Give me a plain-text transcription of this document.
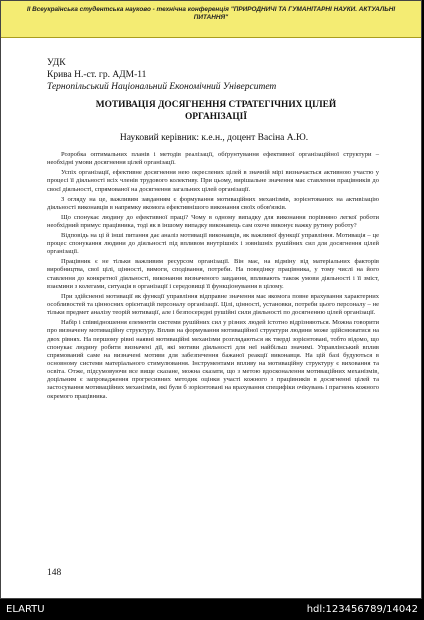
ІІ Всеукраїнська студентська науково - технічна конференція "ПРИРОДНИЧІ ТА ГУМАНІТАРНІ НАУКИ. АКТУАЛЬНІ ПИТАННЯ"
УДК
Крива Н.-ст. гр. АДМ-11
Тернопільський Національний Економічний Університет
МОТИВАЦІЯ ДОСЯГНЕННЯ СТРАТЕГІЧНИХ ЦІЛЕЙ ОРГАНІЗАЦІЇ
Науковий керівник: к.е.н., доцент Васіна А.Ю.

Розробка оптимальних планів і методів реалізації, обґрунтування ефективної організаційної структури – необхідні умови досягнення цілей організації.

Успіх організації, ефективне досягнення нею окреслених цілей в значній мірі визначається активною участю у процесі її діяльності всіх членів трудового колективу. При цьому, вирішальне значення має ставлення працівників до своєї діяльності, спрямованої на досягнення загальних цілей організації.

З огляду на це, важливим завданням є формування мотиваційних механізмів, зорієнтованих на активізацію діяльності виконавців в напрямку якомога ефективнішого виконання своїх обов'язків.

Що спонукає людину до ефективної праці? Чому в одному випадку для виконання порівняно легкої роботи необхідний примус працівника, тоді як в іншому випадку виконавець сам охоче виконує важку рутину роботу?

Відповідь на ці й інші питання дає аналіз мотивації виконавців, як важливої функції управління. Мотивація – це процес спонукання людини до діяльності під впливом внутрішніх і зовнішніх рушійних сил для досягнення цілей організації.

Працівник є не тільки важливим ресурсом організації. Він має, на відміну від матеріальних факторів виробництва, свої цілі, цінності, вимоги, сподівання, потреби. На поведінку працівника, у тому числі на його ставлення до конкретної діяльності, виконання визначеного завдання, впливають також умови діяльності і її зміст, взаємини з колегами, ситуація в організації і середовищі її функціонування в цілому.

При здійсненні мотивації як функції управління відправне значення має якомога повне врахування характерних особливостей та цінносних орієнтацій персоналу організації. Цілі, цінності, установки, потреби цього персоналу – не тільки предмет аналізу теорій мотивації, але і безпосередні рушійні сили діяльності по досягненню цілей організації.

Набір і співвідношення елементів системи рушійних сил у різних людей істотно відрізняються. Можна говорити про визначену мотиваційну структуру. Вплив на формування мотиваційної структури людини може здійснюватися на двох рівнях. На першому рівні наявні мотиваційні механізми розглядаються як тверді зорієнтовані, тобто відомо, що спонукає людину робити визначені дії, які мотиви діяльності для неї найбільш значимі. Управлінський вплив спрямований саме на визначені мотиви для забезпечення бажаної реакції виконавця. На цій базі будуються в основному системи матеріального стимулювання. Інструментами впливу на мотиваційну структуру є виховання та освіта. Отже, підсумовуючи все вище сказане, можна сказати, що з метою вдосконалення мотиваційних механізмів, доцільним є запровадження прогресивних методик оцінки участі кожного з працівників в досягненні цілей та застосування мотиваційних механізмів, які були б зорієнтовані на врахування специфіки очікувань і прагнень кожного окремого працівника.

148
ELARTU	hdl:123456789/14042
